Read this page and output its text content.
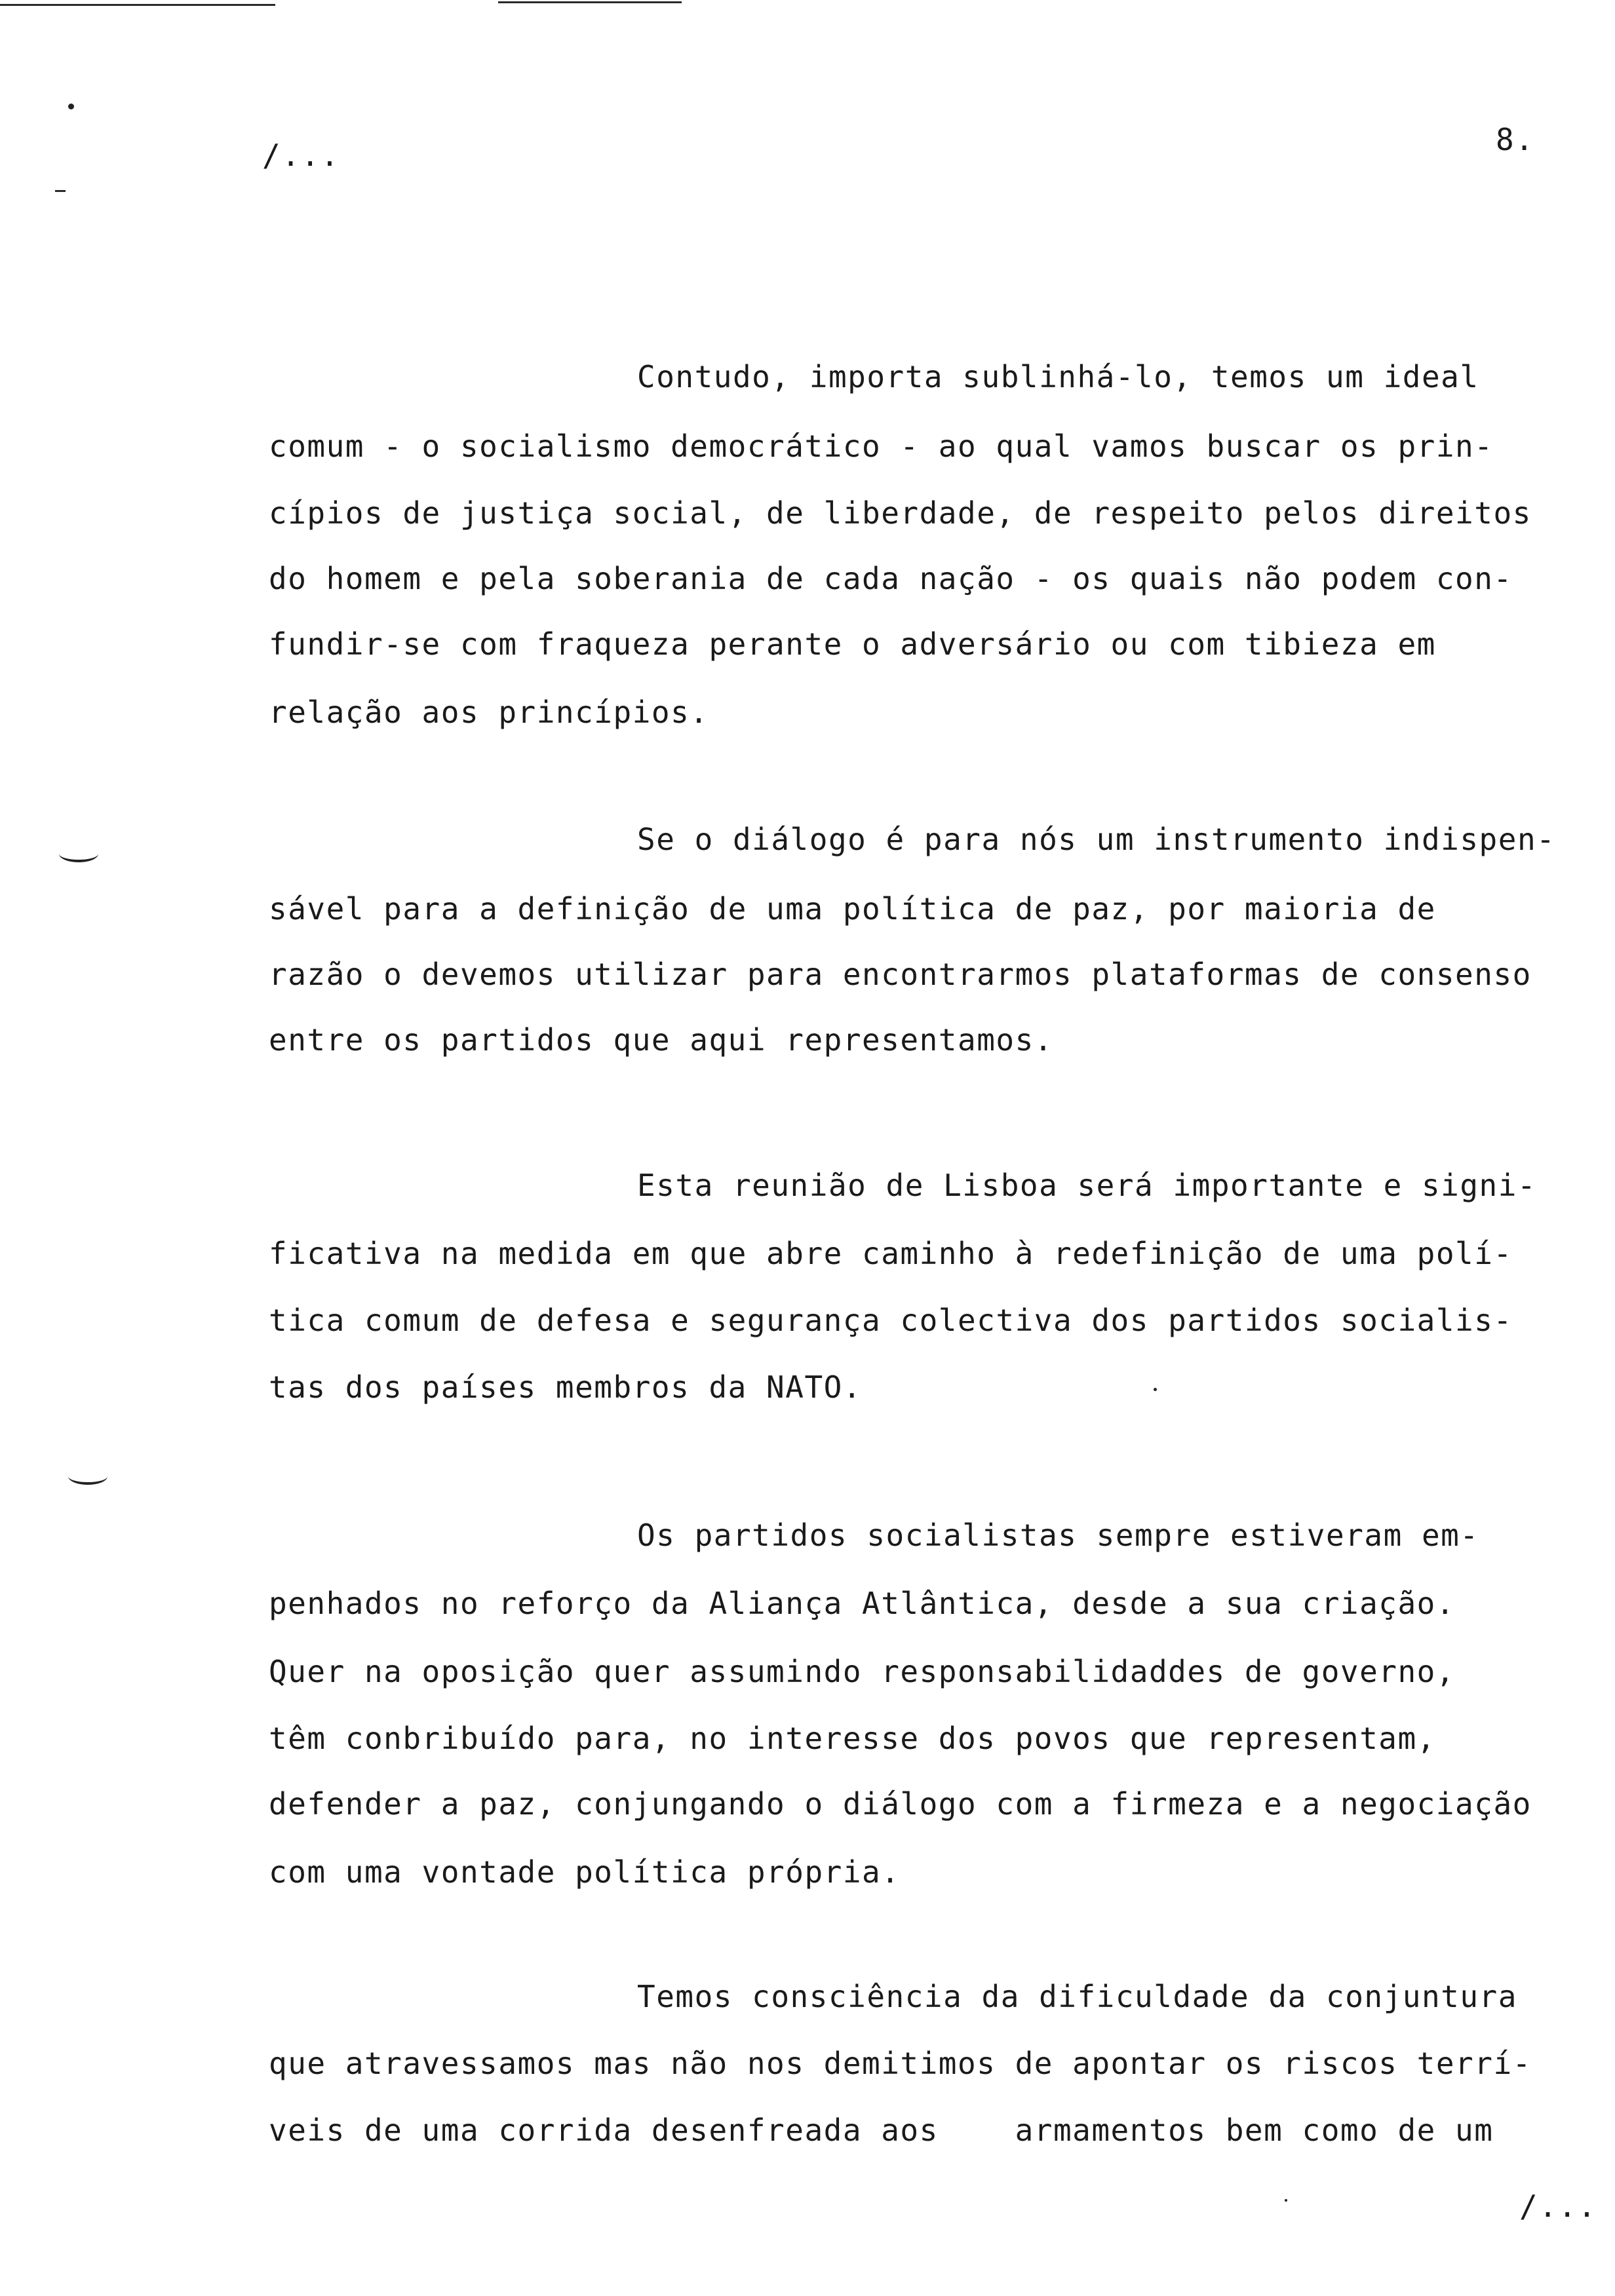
/...	8.
Contudo, importa sublinhá-lo, temos um ideal
comum - o socialismo democrático - ao qual vamos buscar os prin-
cípios de justiça social, de liberdade, de respeito pelos direitos
do homem e pela soberania de cada nação - os quais não podem con-
fundir-se com fraqueza perante o adversário ou com tibieza em
relação aos princípios.
Se o diálogo é para nós um instrumento indispen-
sável para a definição de uma política de paz, por maioria de
razão o devemos utilizar para encontrarmos plataformas de consenso
entre os partidos que aqui representamos.
Esta reunião de Lisboa será importante e signi-
ficativa na medida em que abre caminho à redefinição de uma polí-
tica comum de defesa e segurança colectiva dos partidos socialis-
tas dos países membros da NATO.
Os partidos socialistas sempre estiveram em-
penhados no reforço da Aliança Atlântica, desde a sua criação.
Quer na oposição quer assumindo responsabilidaddes de governo,
têm conbribuído para, no interesse dos povos que representam,
defender a paz, conjungando o diálogo com a firmeza e a negociação
com uma vontade política própria.
Temos consciência da dificuldade da conjuntura
que atravessamos mas não nos demitimos de apontar os riscos terrí-
veis de uma corrida desenfreada aos    armamentos bem como de um
/...
